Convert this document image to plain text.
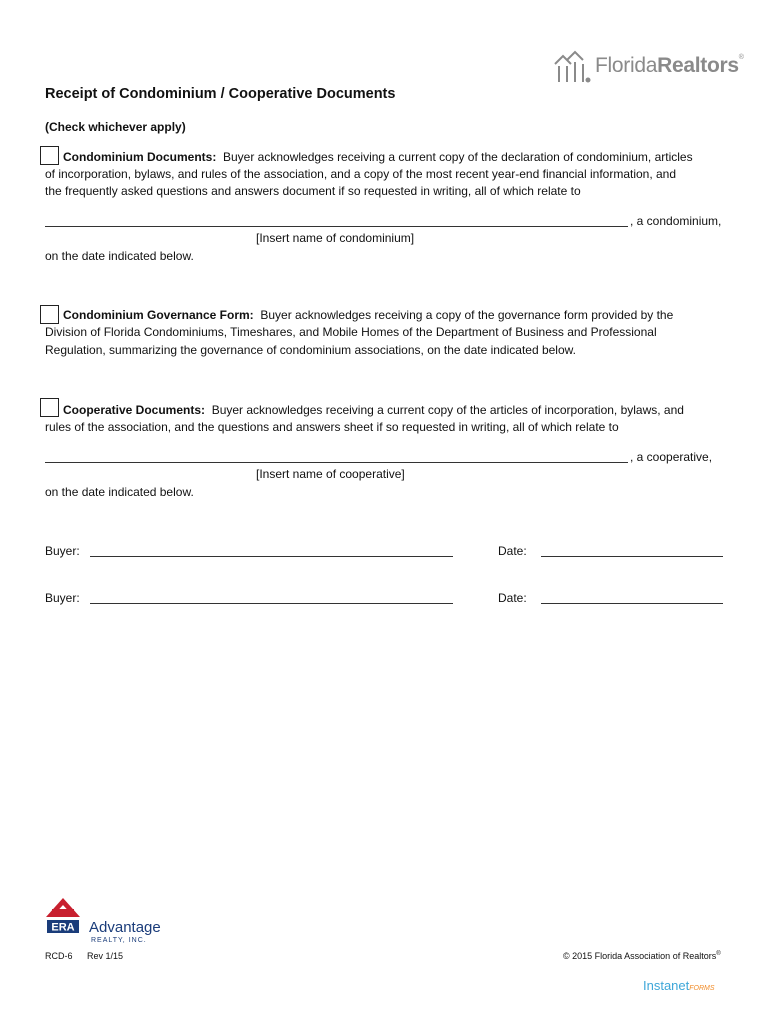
FloridaRealtors®
Receipt of Condominium / Cooperative Documents
(Check whichever apply)
Condominium Documents: Buyer acknowledges receiving a current copy of the declaration of condominium, articles
of incorporation, bylaws, and rules of the association, and a copy of the most recent year-end financial information, and
the frequently asked questions and answers document if so requested in writing, all of which relate to
, a condominium,
[Insert name of condominium]
on the date indicated below.
Condominium Governance Form: Buyer acknowledges receiving a copy of the governance form provided by the
Division of Florida Condominiums, Timeshares, and Mobile Homes of the Department of Business and Professional
Regulation, summarizing the governance of condominium associations, on the date indicated below.
Cooperative Documents: Buyer acknowledges receiving a current copy of the articles of incorporation, bylaws, and
rules of the association, and the questions and answers sheet if so requested in writing, all of which relate to
, a cooperative,
[Insert name of cooperative]
on the date indicated below.
Buyer:	Date:
Buyer:	Date:
ERA Advantage
REALTY, INC.
RCD-6 Rev 1/15	© 2015 Florida Association of Realtors®
InstanetFORMS
